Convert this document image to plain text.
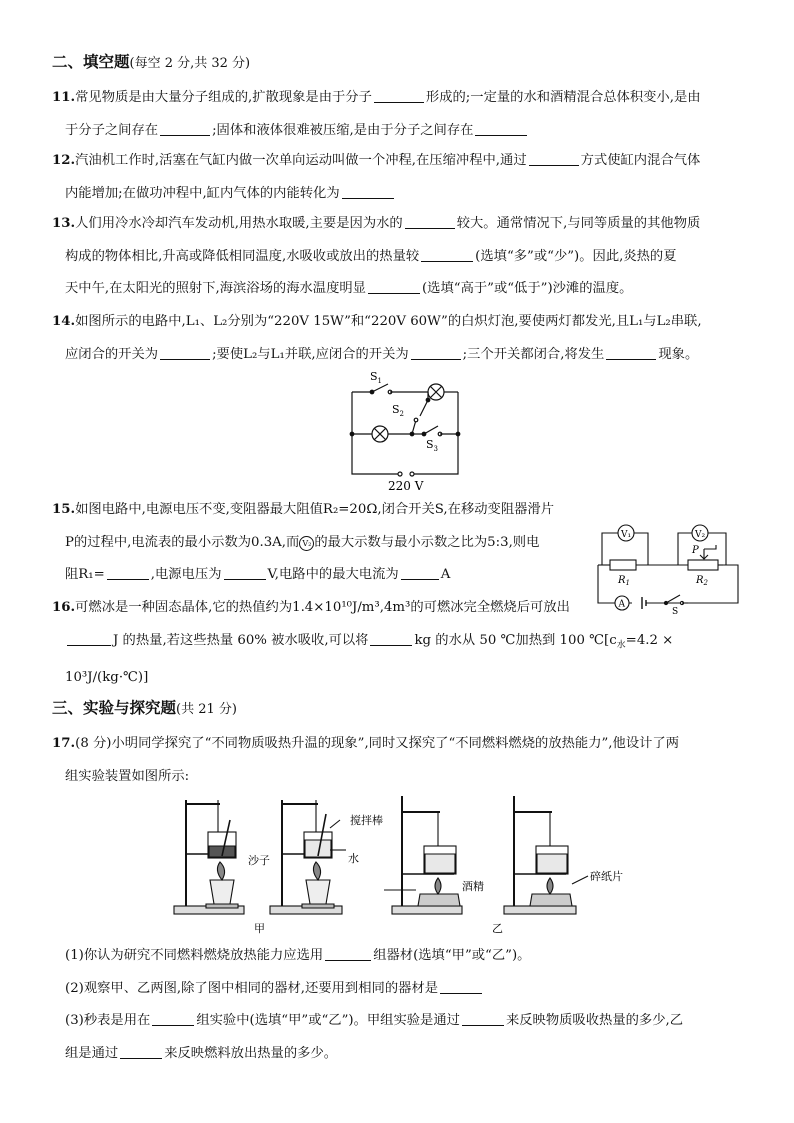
二、填空题(每空 2 分,共 32 分)
11.常见物质是由大量分子组成的,扩散现象是由于分子	形成的;一定量的水和酒精混合总体积变小,是由
于分子之间存在	;固体和液体很难被压缩,是由于分子之间存在
12.汽油机工作时,活塞在气缸内做一次单向运动叫做一个冲程,在压缩冲程中,通过	方式使缸内混合气体
内能增加;在做功冲程中,缸内气体的内能转化为
13.人们用冷水冷却汽车发动机,用热水取暖,主要是因为水的	较大。通常情况下,与同等质量的其他物质
构成的物体相比,升高或降低相同温度,水吸收或放出的热量较	(选填“多”或“少”)。因此,炎热的夏
天中午,在太阳光的照射下,海滨浴场的海水温度明显	(选填“高于”或“低于”)沙滩的温度。
14.如图所示的电路中,L₁、L₂分别为“220V 15W”和“220V 60W”的白炽灯泡,要使两灯都发光,且L₁与L₂串联,
应闭合的开关为	;要使L₂与L₁并联,应闭合的开关为	;三个开关都闭合,将发生	现象。
$S_1$
$S_2$
$S_3$
220 V
15.如图电路中,电源电压不变,变阻器最大阻值R₂=20Ω,闭合开关S,在移动变阻器滑片
P的过程中,电流表的最小示数为0.3A,而 V₂ 的最大示数与最小示数之比为5:3,则电
阻R₁=	,电源电压为	V,电路中的最大电流为	A
V₁	V₂
P
$R_1$	$R_2$
A
S
16.可燃冰是一种固态晶体,它的热值约为1.4×10¹⁰J/m³,4m³的可燃冰完全燃烧后可放出
J 的热量,若这些热量 60% 被水吸收,可以将	kg 的水从 50 ℃加热到 100 $℃[c_水=4.2$ ×
10³J/(kg·℃)]
三、实验与探究题(共 21 分)
17.(8 分)小明同学探究了“不同物质吸热升温的现象”,同时又探究了“不同燃料燃烧的放热能力”,他设计了两
组实验装置如图所示:
搅拌棒
沙子	水
酒精
碎纸片
甲	乙
(1)你认为研究不同燃料燃烧放热能力应选用	组器材(选填“甲”或“乙”)。
(2)观察甲、乙两图,除了图中相同的器材,还要用到相同的器材是
(3)秒表是用在	组实验中(选填“甲”或“乙”)。甲组实验是通过	来反映物质吸收热量的多少,乙
组是通过	来反映燃料放出热量的多少。
